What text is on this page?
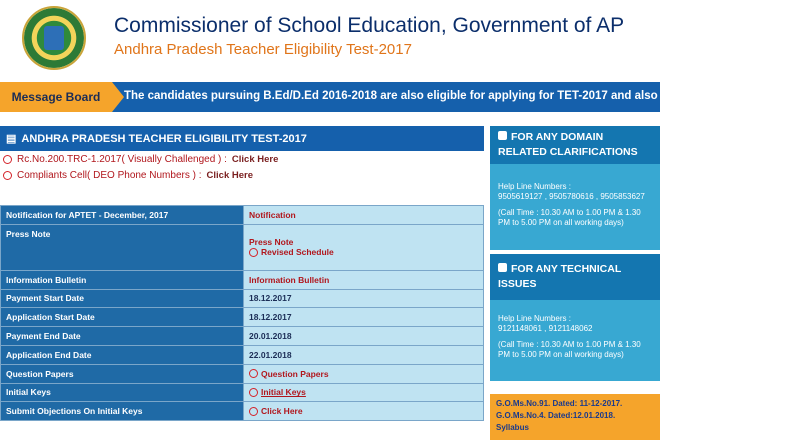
Commissioner of School Education, Government of AP
Andhra Pradesh Teacher Eligibility Test-2017
Message Board	The candidates pursuing B.Ed/D.Ed 2016-2018 are also eligible for applying for TET-2017 and also pursuing candidate Langu
▤ ANDHRA PRADESH TEACHER ELIGIBILITY TEST-2017
Rc.No.200.TRC-1.2017( Visually Challenged ) : Click Here
Compliants Cell( DEO Phone Numbers ) : Click Here
Notification for APTET - December, 2017	Notification
Press Note	Press Note
Revised Schedule

Information Bulletin	Information Bulletin
Payment Start Date	18.12.2017
Application Start Date	18.12.2017
Payment End Date	20.01.2018
Application End Date	22.01.2018
Question Papers	Question Papers

Initial Keys	Initial Keys

Submit Objections On Initial Keys	Click Here
FOR ANY DOMAIN RELATED CLARIFICATIONS

Help Line Numbers :

9505619127 , 9505780616 , 9505853627

(Call Time : 10.30 AM to 1.00 PM & 1.30 PM to 5.00 PM on all working days)

FOR ANY TECHNICAL ISSUES

Help Line Numbers :

9121148061 , 9121148062

(Call Time : 10.30 AM to 1.00 PM & 1.30 PM to 5.00 PM on all working days)

G.O.Ms.No.91. Dated: 11-12-2017.
G.O.Ms.No.4. Dated:12.01.2018.
Syllabus
